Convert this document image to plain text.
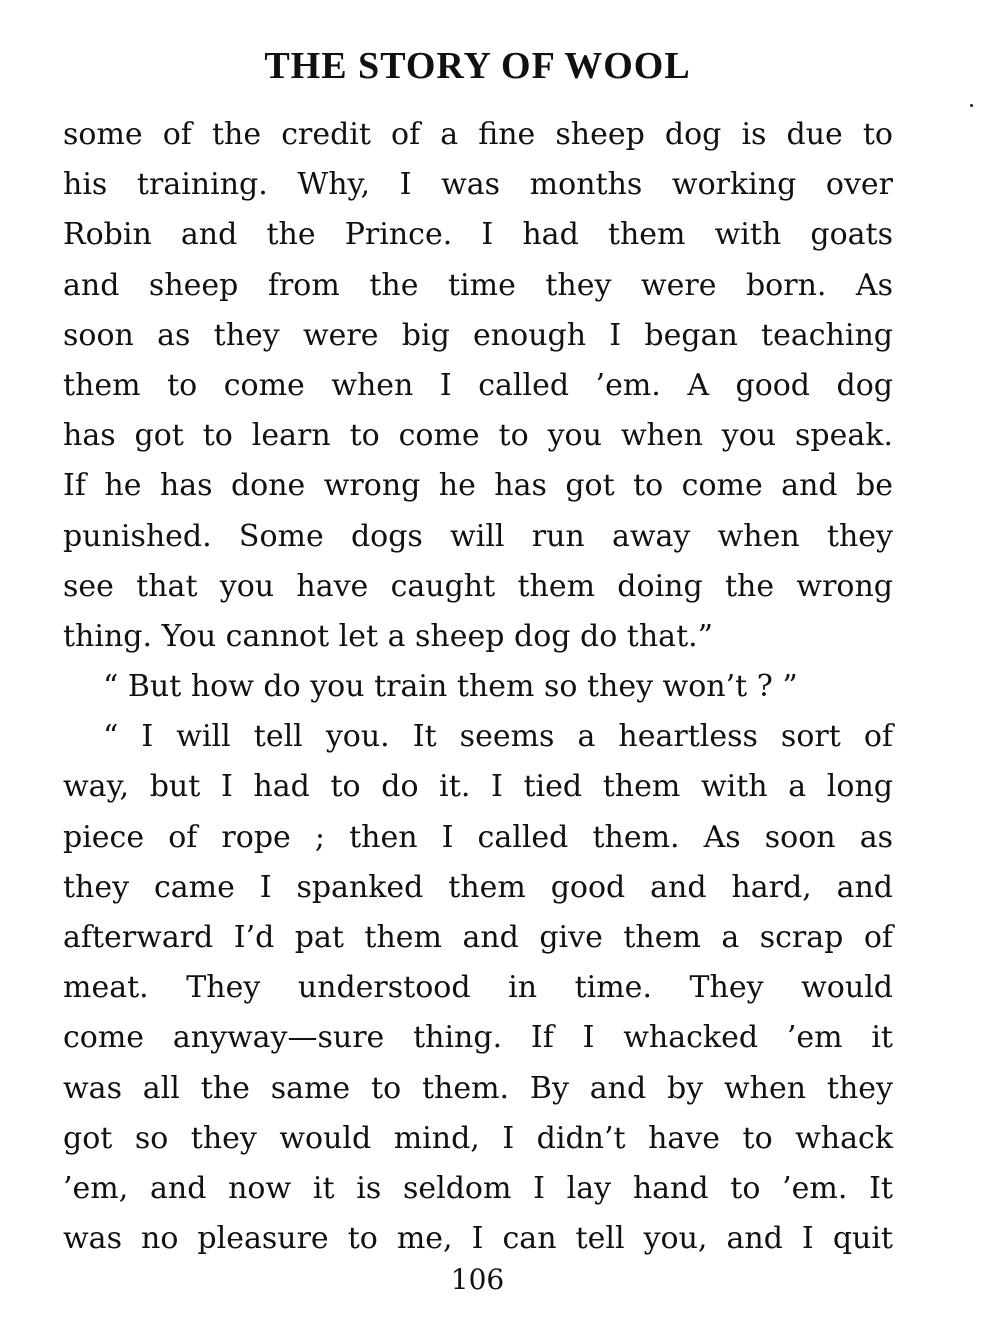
THE STORY OF WOOL
some of the credit of a fine sheep dog is due to
his training. Why, I was months working over
Robin and the Prince. I had them with goats
and sheep from the time they were born. As
soon as they were big enough I began teaching
them to come when I called ’em. A good dog
has got to learn to come to you when you speak.
If he has done wrong he has got to come and be
punished. Some dogs will run away when they
see that you have caught them doing the wrong
thing. You cannot let a sheep dog do that.”
“ But how do you train them so they won’t ? ”
“ I will tell you. It seems a heartless sort of
way, but I had to do it. I tied them with a long
piece of rope ; then I called them. As soon as
they came I spanked them good and hard, and
afterward I’d pat them and give them a scrap of
meat. They understood in time. They would
come anyway—sure thing. If I whacked ’em it
was all the same to them. By and by when they
got so they would mind, I didn’t have to whack
’em, and now it is seldom I lay hand to ’em. It
was no pleasure to me, I can tell you, and I quit
106
